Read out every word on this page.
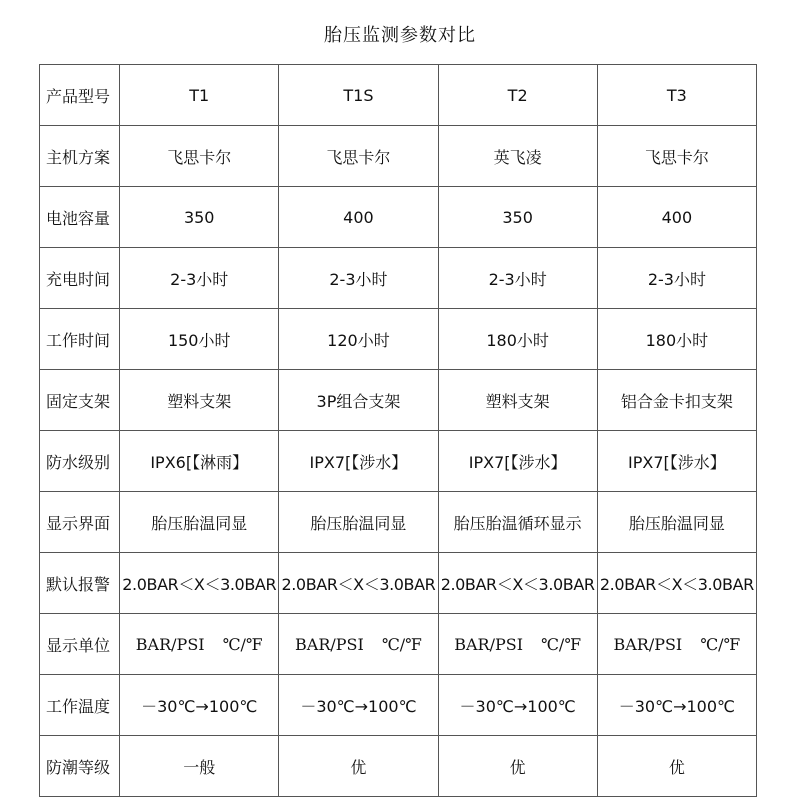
胎压监测参数对比
产品型号	T1	T1S	T2	T3
主机方案	飞思卡尔	飞思卡尔	英飞凌	飞思卡尔
电池容量	350	400	350	400
充电时间	2-3小时	2-3小时	2-3小时	2-3小时
工作时间	150小时	120小时	180小时	180小时
固定支架	塑料支架	3P组合支架	塑料支架	铝合金卡扣支架
防水级别	IPX6[【淋雨】	IPX7[【涉水】	IPX7[【涉水】	IPX7[【涉水】
显示界面	胎压胎温同显	胎压胎温同显	胎压胎温循环显示	胎压胎温同显
默认报警	2.0BAR＜X＜3.0BAR	2.0BAR＜X＜3.0BAR	2.0BAR＜X＜3.0BAR	2.0BAR＜X＜3.0BAR
显示单位	BAR/PSI ℃/℉	BAR/PSI ℃/℉	BAR/PSI ℃/℉	BAR/PSI ℃/℉
工作温度	－30℃→100℃	－30℃→100℃	－30℃→100℃	－30℃→100℃
防潮等级	一般	优	优	优
